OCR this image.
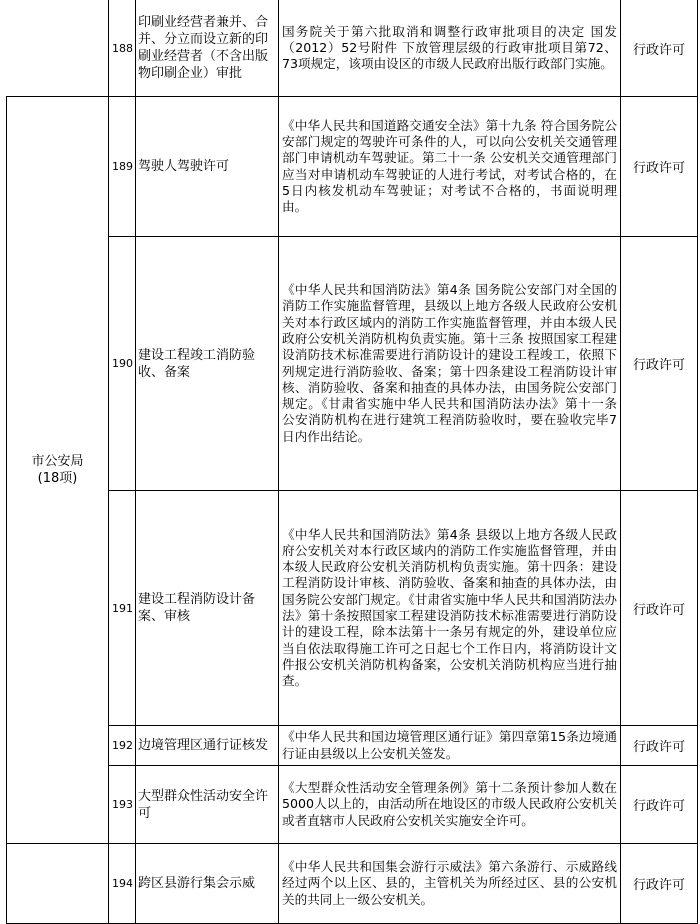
市公安局
(18项)
188
印刷业经营者兼并、合并、分立而设立新的印刷业经营者（不含出版物印刷企业）审批
国务院关于第六批取消和调整行政审批项目的决定 国发（2012）52号附件 下放管理层级的行政审批项目第72、73项规定，该项由设区的市级人民政府出版行政部门实施。
行政许可
189 驾驶人驾驶许可
《中华人民共和国道路交通安全法》第十九条 符合国务院公安部门规定的驾驶许可条件的人，可以向公安机关交通管理部门申请机动车驾驶证。第二十一条 公安机关交通管理部门应当对申请机动车驾驶证的人进行考试，对考试合格的，在5日内核发机动车驾驶证；对考试不合格的，书面说明理由。
行政许可
190
建设工程竣工消防验收、备案
《中华人民共和国消防法》第4条 国务院公安部门对全国的消防工作实施监督管理，县级以上地方各级人民政府公安机关对本行政区域内的消防工作实施监督管理，并由本级人民政府公安机关消防机构负责实施。第十三条 按照国家工程建设消防技术标准需要进行消防设计的建设工程竣工，依照下列规定进行消防验收、备案；第十四条建设工程消防设计审核、消防验收、备案和抽查的具体办法，由国务院公安部门规定。《甘肃省实施中华人民共和国消防法办法》第十一条 公安消防机构在进行建筑工程消防验收时，要在验收完毕7日内作出结论。
行政许可
191
建设工程消防设计备案、审核
《中华人民共和国消防法》第4条 县级以上地方各级人民政府公安机关对本行政区域内的消防工作实施监督管理，并由本级人民政府公安机关消防机构负责实施。第十四条：建设工程消防设计审核、消防验收、备案和抽查的具体办法，由国务院公安部门规定。《甘肃省实施中华人民共和国消防法办法》第十条按照国家工程建设消防技术标准需要进行消防设计的建设工程，除本法第十一条另有规定的外，建设单位应当自依法取得施工许可之日起七个工作日内，将消防设计文件报公安机关消防机构备案，公安机关消防机构应当进行抽查。
行政许可
192 边境管理区通行证核发
《中华人民共和国边境管理区通行证》第四章第15条边境通行证由县级以上公安机关签发。	行政许可
193
大型群众性活动安全许可
《大型群众性活动安全管理条例》第十二条预计参加人数在5000人以上的，由活动所在地设区的市级人民政府公安机关或者直辖市人民政府公安机关实施安全许可。
行政许可
194 跨区县游行集会示威
《中华人民共和国集会游行示威法》第六条游行、示威路线经过两个以上区、县的，主管机关为所经过区、县的公安机关的共同上一级公安机关。
行政许可
